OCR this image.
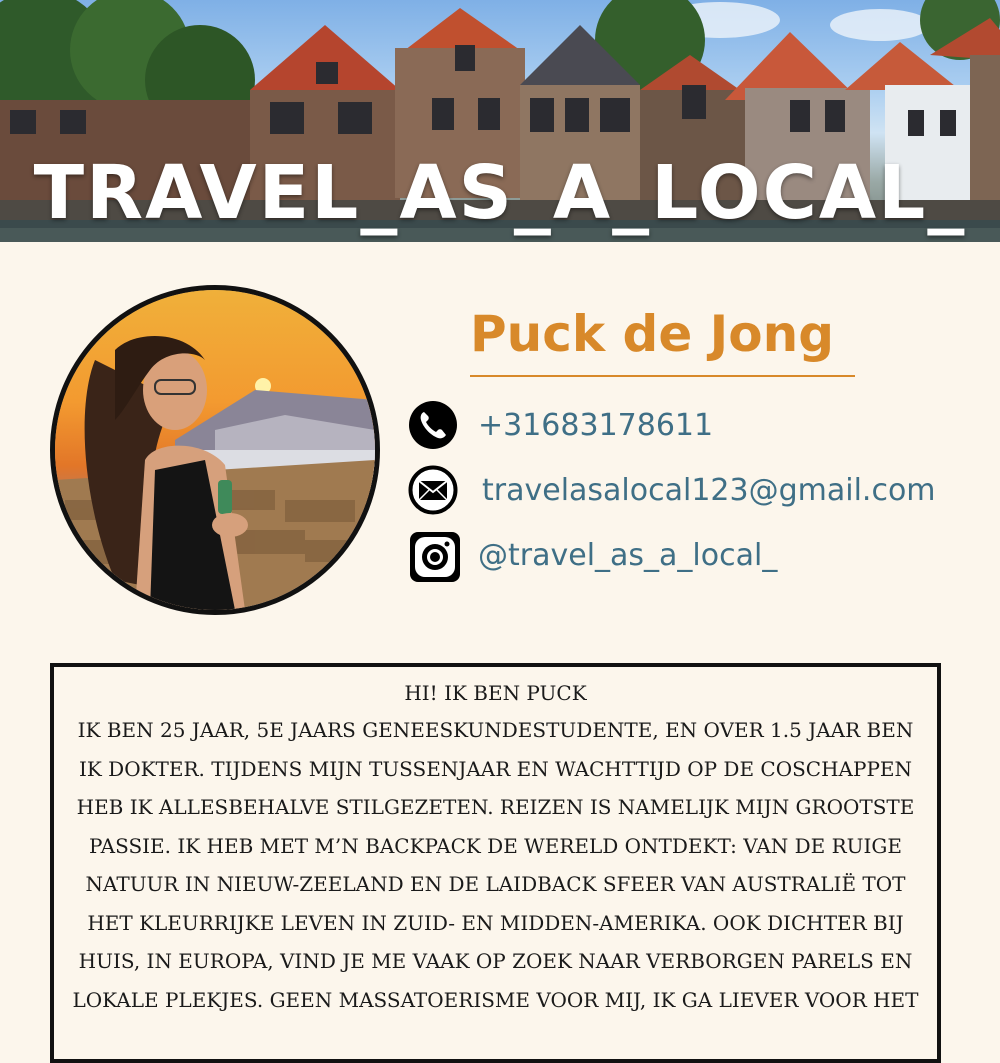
TRAVEL_AS_A_LOCAL_
Puck de Jong
+31683178611
travelasalocal123@gmail.com
@travel_as_a_local_
HI! IK BEN PUCK
IK BEN 25 JAAR, 5E JAARS GENEESKUNDESTUDENTE, EN OVER 1.5 JAAR BEN IK DOKTER. TIJDENS MIJN TUSSENJAAR EN WACHTTIJD OP DE COSCHAPPEN HEB IK ALLESBEHALVE STILGEZETEN. REIZEN IS NAMELIJK MIJN GROOTSTE PASSIE. IK HEB MET M’N BACKPACK DE WERELD ONTDEKT: VAN DE RUIGE NATUUR IN NIEUW-ZEELAND EN DE LAIDBACK SFEER VAN AUSTRALIË TOT HET KLEURRIJKE LEVEN IN ZUID- EN MIDDEN-AMERIKA. OOK DICHTER BIJ HUIS, IN EUROPA, VIND JE ME VAAK OP ZOEK NAAR VERBORGEN PARELS EN LOKALE PLEKJES. GEEN MASSATOERISME VOOR MIJ, IK GA LIEVER VOOR HET
